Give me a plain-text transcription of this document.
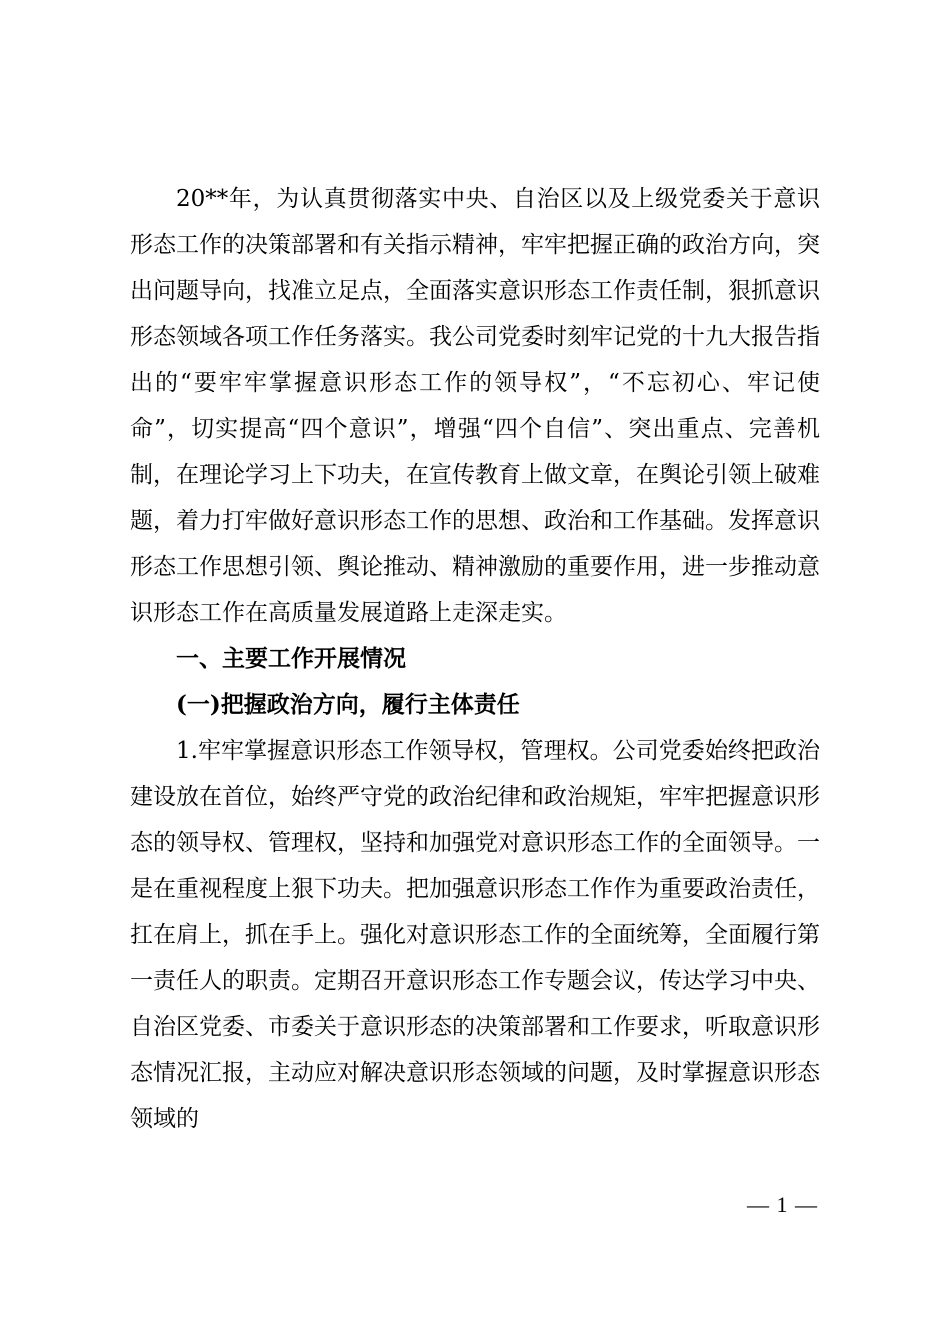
20**年，为认真贯彻落实中央、自治区以及上级党委关于意识形态工作的决策部署和有关指示精神，牢牢把握正确的政治方向，突出问题导向，找准立足点，全面落实意识形态工作责任制，狠抓意识形态领域各项工作任务落实。我公司党委时刻牢记党的十九大报告指出的“要牢牢掌握意识形态工作的领导权”，“不忘初心、牢记使命”，切实提高“四个意识”，增强“四个自信”、突出重点、完善机制，在理论学习上下功夫，在宣传教育上做文章，在舆论引领上破难题，着力打牢做好意识形态工作的思想、政治和工作基础。发挥意识形态工作思想引领、舆论推动、精神激励的重要作用，进一步推动意识形态工作在高质量发展道路上走深走实。

一、主要工作开展情况

(一)把握政治方向，履行主体责任

1.牢牢掌握意识形态工作领导权，管理权。公司党委始终把政治建设放在首位，始终严守党的政治纪律和政治规矩，牢牢把握意识形态的领导权、管理权，坚持和加强党对意识形态工作的全面领导。一是在重视程度上狠下功夫。把加强意识形态工作作为重要政治责任，扛在肩上，抓在手上。强化对意识形态工作的全面统筹，全面履行第一责任人的职责。定期召开意识形态工作专题会议，传达学习中央、自治区党委、市委关于意识形态的决策部署和工作要求，听取意识形态情况汇报，主动应对解决意识形态领域的问题，及时掌握意识形态领域的

— 1 —
